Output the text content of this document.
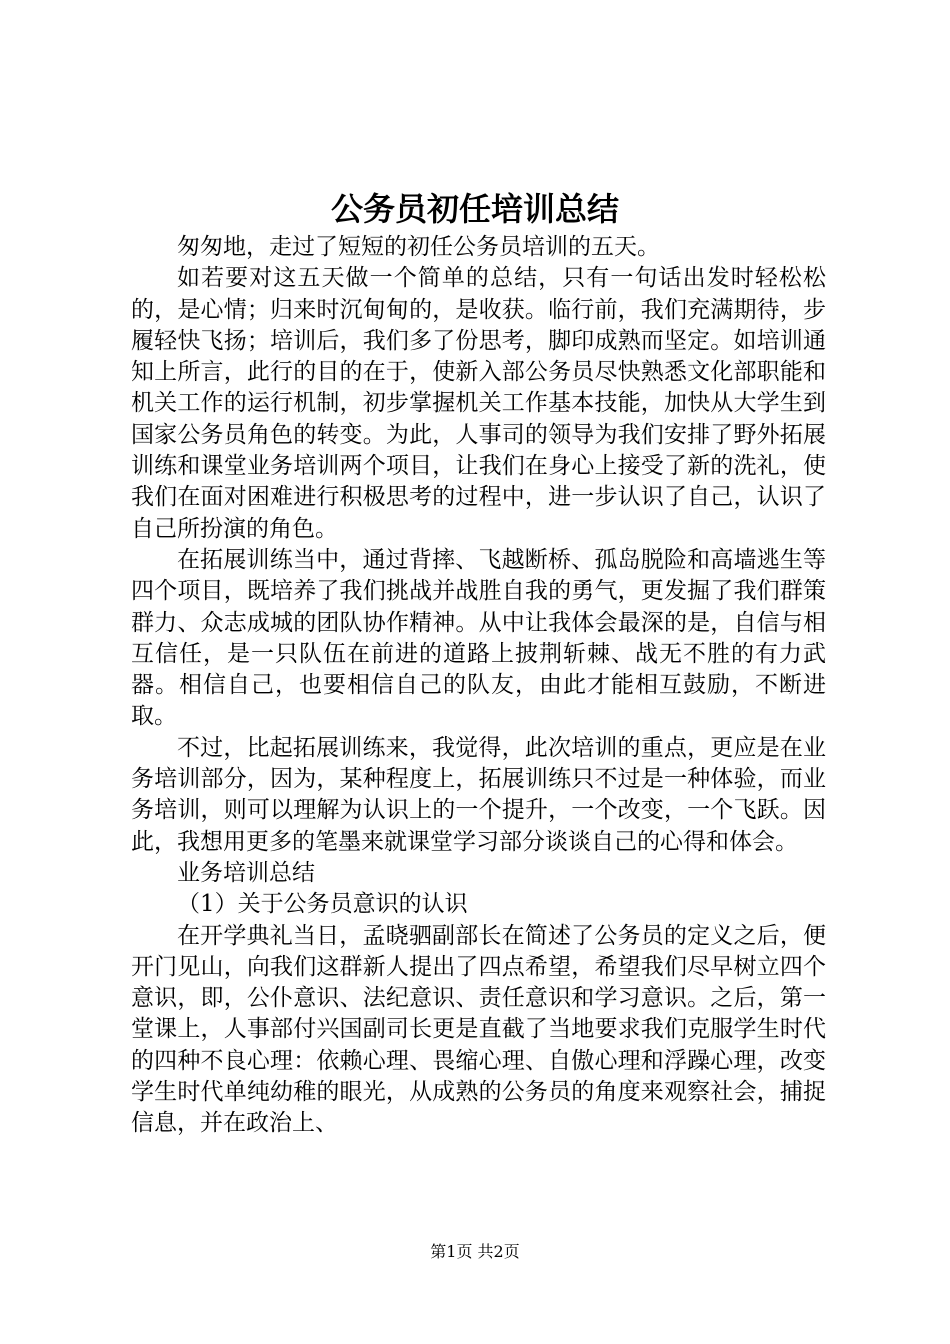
公务员初任培训总结

匆匆地，走过了短短的初任公务员培训的五天。

如若要对这五天做一个简单的总结，只有一句话出发时轻松松的，是心情；归来时沉甸甸的，是收获。临行前，我们充满期待，步履轻快飞扬；培训后，我们多了份思考，脚印成熟而坚定。如培训通知上所言，此行的目的在于，使新入部公务员尽快熟悉文化部职能和机关工作的运行机制，初步掌握机关工作基本技能，加快从大学生到国家公务员角色的转变。为此，人事司的领导为我们安排了野外拓展训练和课堂业务培训两个项目，让我们在身心上接受了新的洗礼，使我们在面对困难进行积极思考的过程中，进一步认识了自己，认识了自己所扮演的角色。

在拓展训练当中，通过背摔、飞越断桥、孤岛脱险和高墙逃生等四个项目，既培养了我们挑战并战胜自我的勇气，更发掘了我们群策群力、众志成城的团队协作精神。从中让我体会最深的是，自信与相互信任，是一只队伍在前进的道路上披荆斩棘、战无不胜的有力武器。相信自己，也要相信自己的队友，由此才能相互鼓励，不断进取。

不过，比起拓展训练来，我觉得，此次培训的重点，更应是在业务培训部分，因为，某种程度上，拓展训练只不过是一种体验，而业务培训，则可以理解为认识上的一个提升，一个改变，一个飞跃。因此，我想用更多的笔墨来就课堂学习部分谈谈自己的心得和体会。

业务培训总结

（1）关于公务员意识的认识

在开学典礼当日，孟晓驷副部长在简述了公务员的定义之后，便开门见山，向我们这群新人提出了四点希望，希望我们尽早树立四个意识，即，公仆意识、法纪意识、责任意识和学习意识。之后，第一堂课上，人事部付兴国副司长更是直截了当地要求我们克服学生时代的四种不良心理：依赖心理、畏缩心理、自傲心理和浮躁心理，改变学生时代单纯幼稚的眼光，从成熟的公务员的角度来观察社会，捕捉信息，并在政治上、

第1页 共2页
